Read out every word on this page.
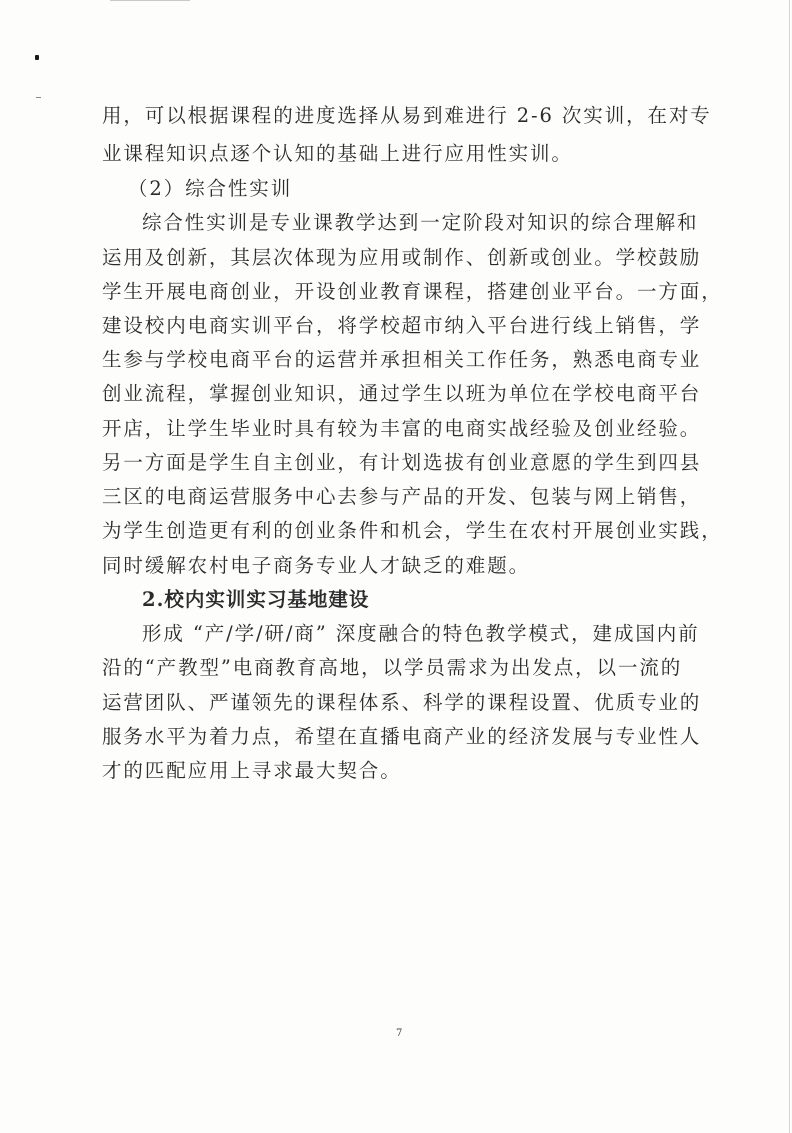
用，可以根据课程的进度选择从易到难进行 2-6 次实训，在对专
业课程知识点逐个认知的基础上进行应用性实训。
（2）综合性实训
综合性实训是专业课教学达到一定阶段对知识的综合理解和
运用及创新，其层次体现为应用或制作、创新或创业。学校鼓励
学生开展电商创业，开设创业教育课程，搭建创业平台。一方面，
建设校内电商实训平台，将学校超市纳入平台进行线上销售，学
生参与学校电商平台的运营并承担相关工作任务，熟悉电商专业
创业流程，掌握创业知识，通过学生以班为单位在学校电商平台
开店，让学生毕业时具有较为丰富的电商实战经验及创业经验。
另一方面是学生自主创业，有计划选拔有创业意愿的学生到四县
三区的电商运营服务中心去参与产品的开发、包装与网上销售，
为学生创造更有利的创业条件和机会，学生在农村开展创业实践，
同时缓解农村电子商务专业人才缺乏的难题。
2.校内实训实习基地建设
形成 “产/学/研/商” 深度融合的特色教学模式，建成国内前
沿的“产教型”电商教育高地，以学员需求为出发点，以一流的
运营团队、严谨领先的课程体系、科学的课程设置、优质专业的
服务水平为着力点，希望在直播电商产业的经济发展与专业性人
才的匹配应用上寻求最大契合。
7
